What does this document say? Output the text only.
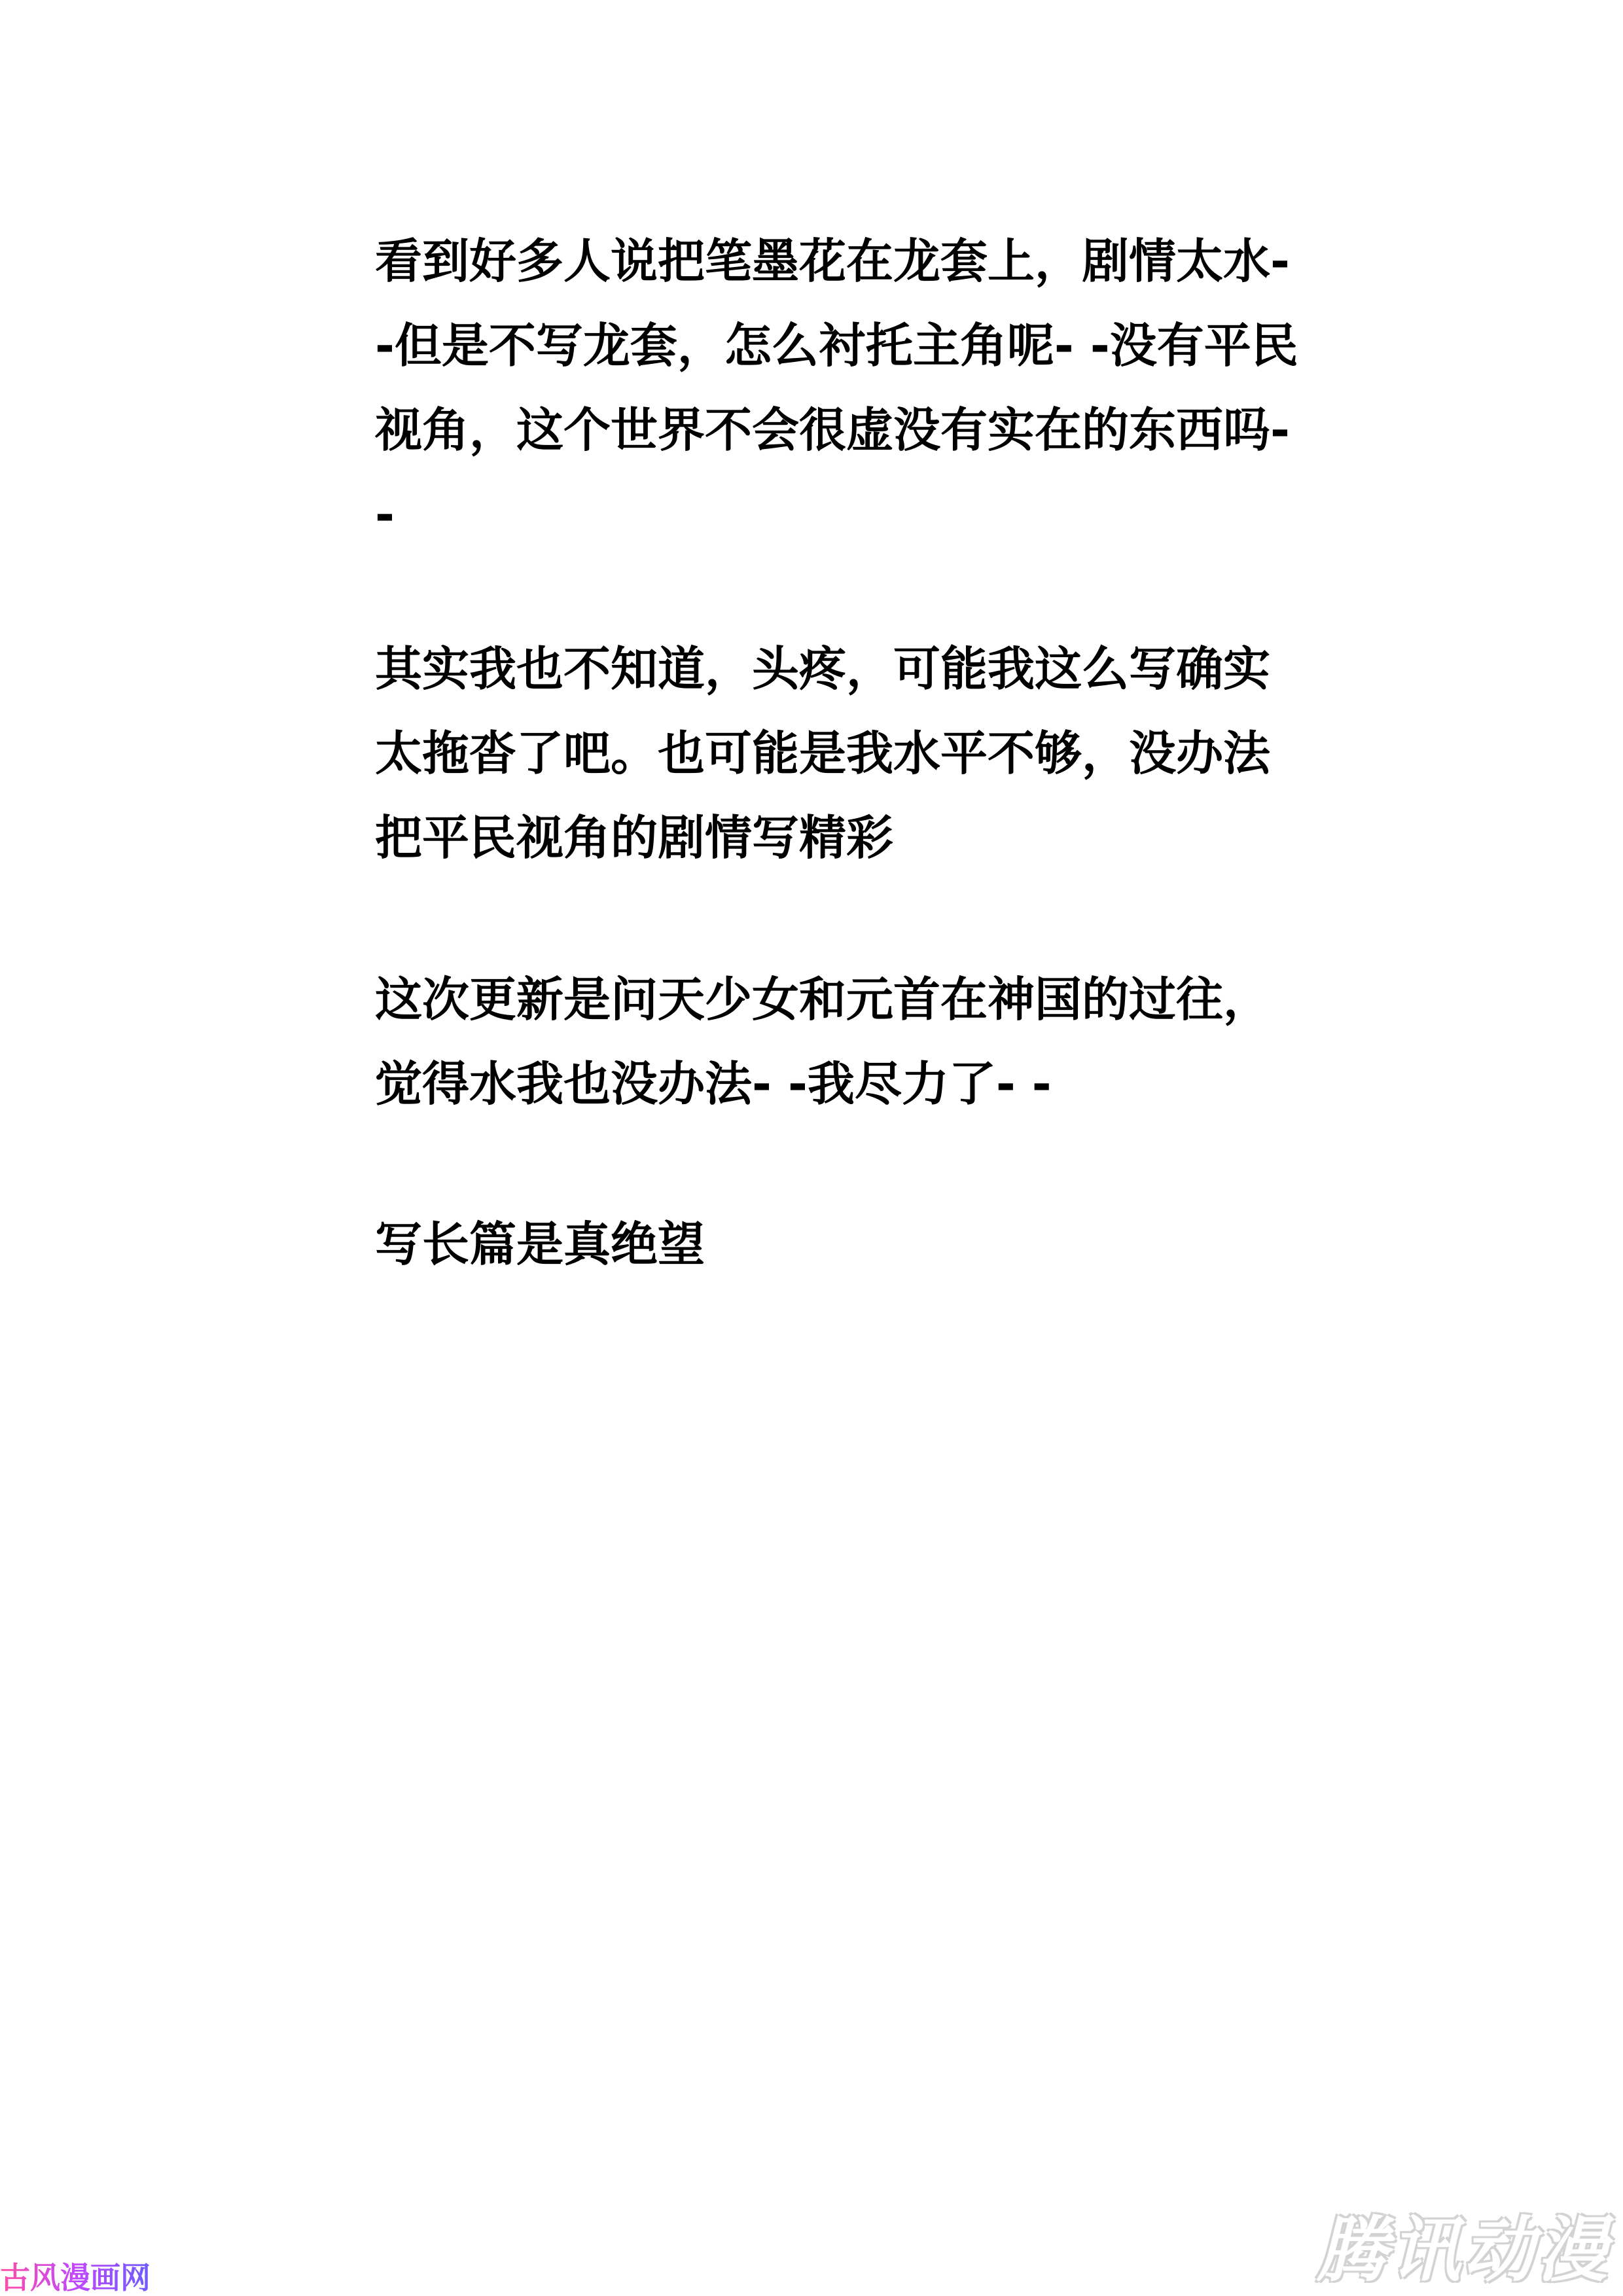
看到好多人说把笔墨花在龙套上，剧情太水-
-但是不写龙套，怎么衬托主角呢- -没有平民
视角，这个世界不会很虚没有实在的东西吗-
-

其实我也不知道，头疼，可能我这么写确实
太拖沓了吧。也可能是我水平不够，没办法
把平民视角的剧情写精彩

这次更新是问天少女和元首在神国的过往，
觉得水我也没办法- -我尽力了- -

写长篇是真绝望

古风漫画网	腾讯动漫
